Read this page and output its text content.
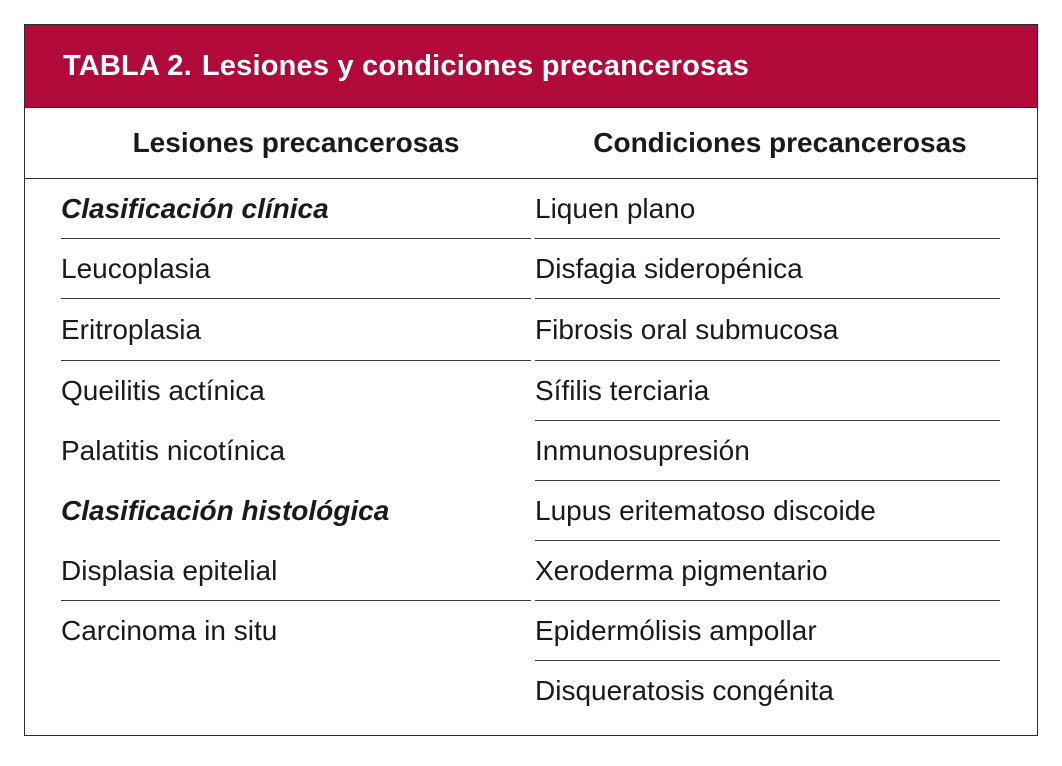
TABLA 2. Lesiones y condiciones precancerosas
Lesiones precancerosas	Condiciones precancerosas
Clasificación clínica
Leucoplasia
Eritroplasia
Queilitis actínica
Palatitis nicotínica
Clasificación histológica
Displasia epitelial
Carcinoma in situ
Liquen plano
Disfagia sideropénica
Fibrosis oral submucosa
Sífilis terciaria
Inmunosupresión
Lupus eritematoso discoide
Xeroderma pigmentario
Epidermólisis ampollar
Disqueratosis congénita
